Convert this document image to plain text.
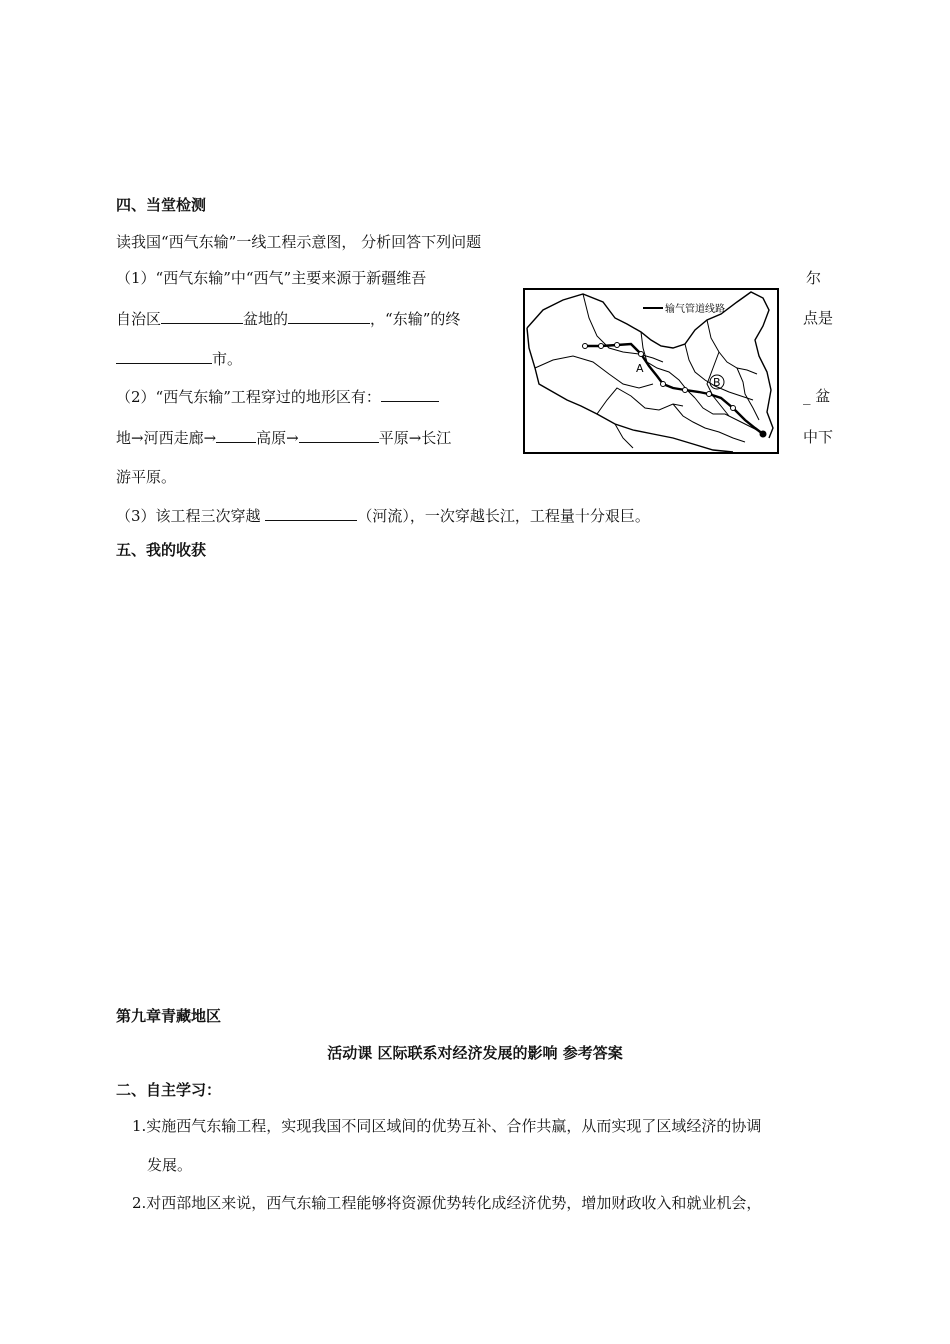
四、当堂检测
读我国“西气东输”一线工程示意图， 分析回答下列问题
（1）“西气东输”中“西气”主要来源于新疆维吾	尔
自治区	盆地的	，“东输”的终	点是
市。
（2）“西气东输”工程穿过的地形区有：	_ 盆
地→河西走廊→	高原→	平原→长江	中下
游平原。
（3）该工程三次穿越	（河流），一次穿越长江，工程量十分艰巨。
输气管道线路
A
B
五、我的收获
第九章青藏地区
活动课 区际联系对经济发展的影响 参考答案
二、自主学习：
1.实施西气东输工程，实现我国不同区域间的优势互补、合作共赢，从而实现了区域经济的协调
发展。
2.对西部地区来说，西气东输工程能够将资源优势转化成经济优势，增加财政收入和就业机会，
